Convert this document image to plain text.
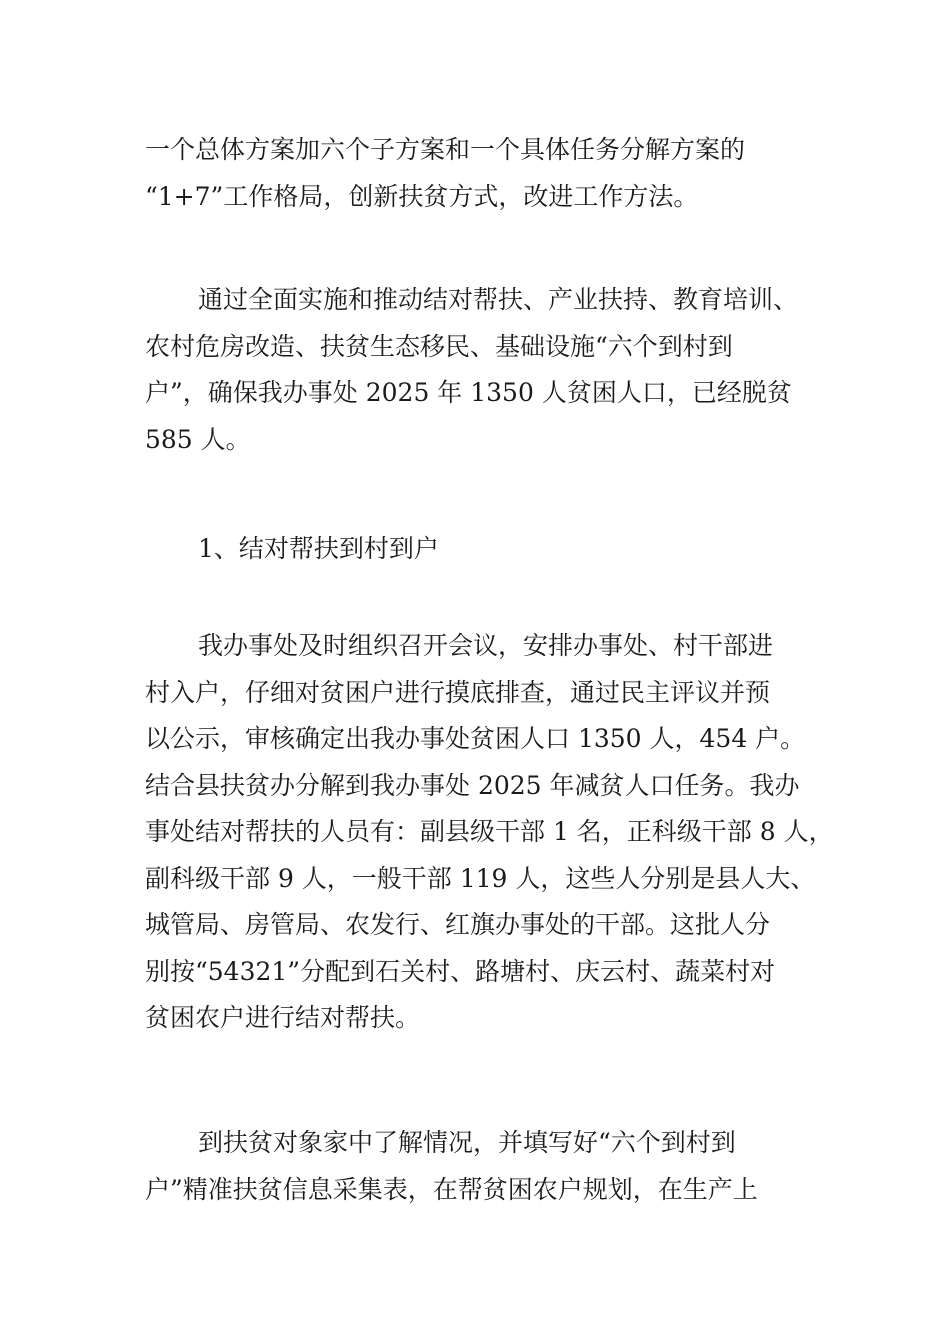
一个总体方案加六个子方案和一个具体任务分解方案的
“1+7”工作格局，创新扶贫方式，改进工作方法。

通过全面实施和推动结对帮扶、产业扶持、教育培训、
农村危房改造、扶贫生态移民、基础设施“六个到村到
户”，确保我办事处 2025 年 1350 人贫困人口，已经脱贫
585 人。

1、结对帮扶到村到户

我办事处及时组织召开会议，安排办事处、村干部进
村入户，仔细对贫困户进行摸底排查，通过民主评议并预
以公示，审核确定出我办事处贫困人口 1350 人，454 户。
结合县扶贫办分解到我办事处 2025 年减贫人口任务。我办
事处结对帮扶的人员有：副县级干部 1 名，正科级干部 8 人，
副科级干部 9 人，一般干部 119 人，这些人分别是县人大、
城管局、房管局、农发行、红旗办事处的干部。这批人分
别按“54321”分配到石关村、路塘村、庆云村、蔬菜村对
贫困农户进行结对帮扶。

到扶贫对象家中了解情况，并填写好“六个到村到
户”精准扶贫信息采集表，在帮贫困农户规划，在生产上
